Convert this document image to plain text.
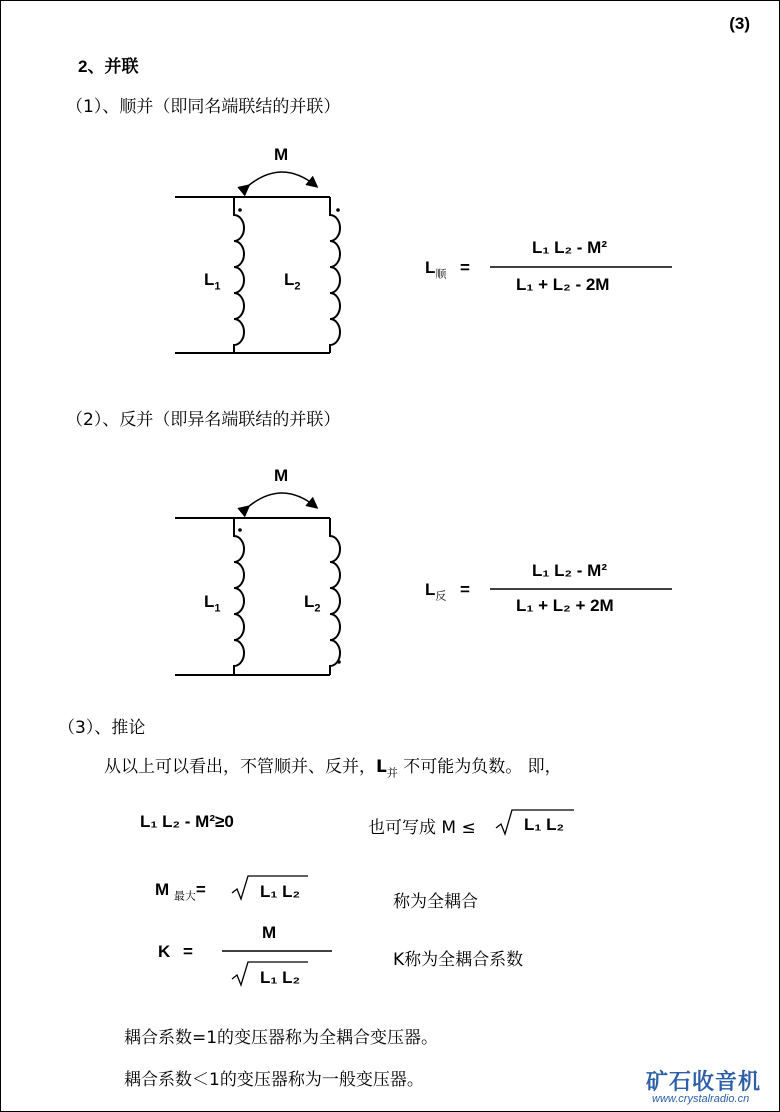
(3)
2、并联
（1）、顺并（即同名端联结的并联）
M
$L_1$	$L_2$
$L_顺$ =
L₁ L₂ - M²
L₁ + L₂ - 2M
（2）、反并（即异名端联结的并联）
M
$L_1$	$L_2$
$L_反$ =
L₁ L₂ - M²
L₁ + L₂ + 2M
（3）、推论
从以上可以看出，不管顺并、反并，$L_并$ 不可能为负数。 即，
L₁ L₂ - M²≥0	也可写成 M ≤	L₁ L₂
M $_{最大}$=	L₁ L₂
称为全耦合
K =
M
L₁ L₂
K称为全耦合系数
耦合系数=1的变压器称为全耦合变压器。
耦合系数＜1的变压器称为一般变压器。	矿石收音机
www.crystalradio.cn
